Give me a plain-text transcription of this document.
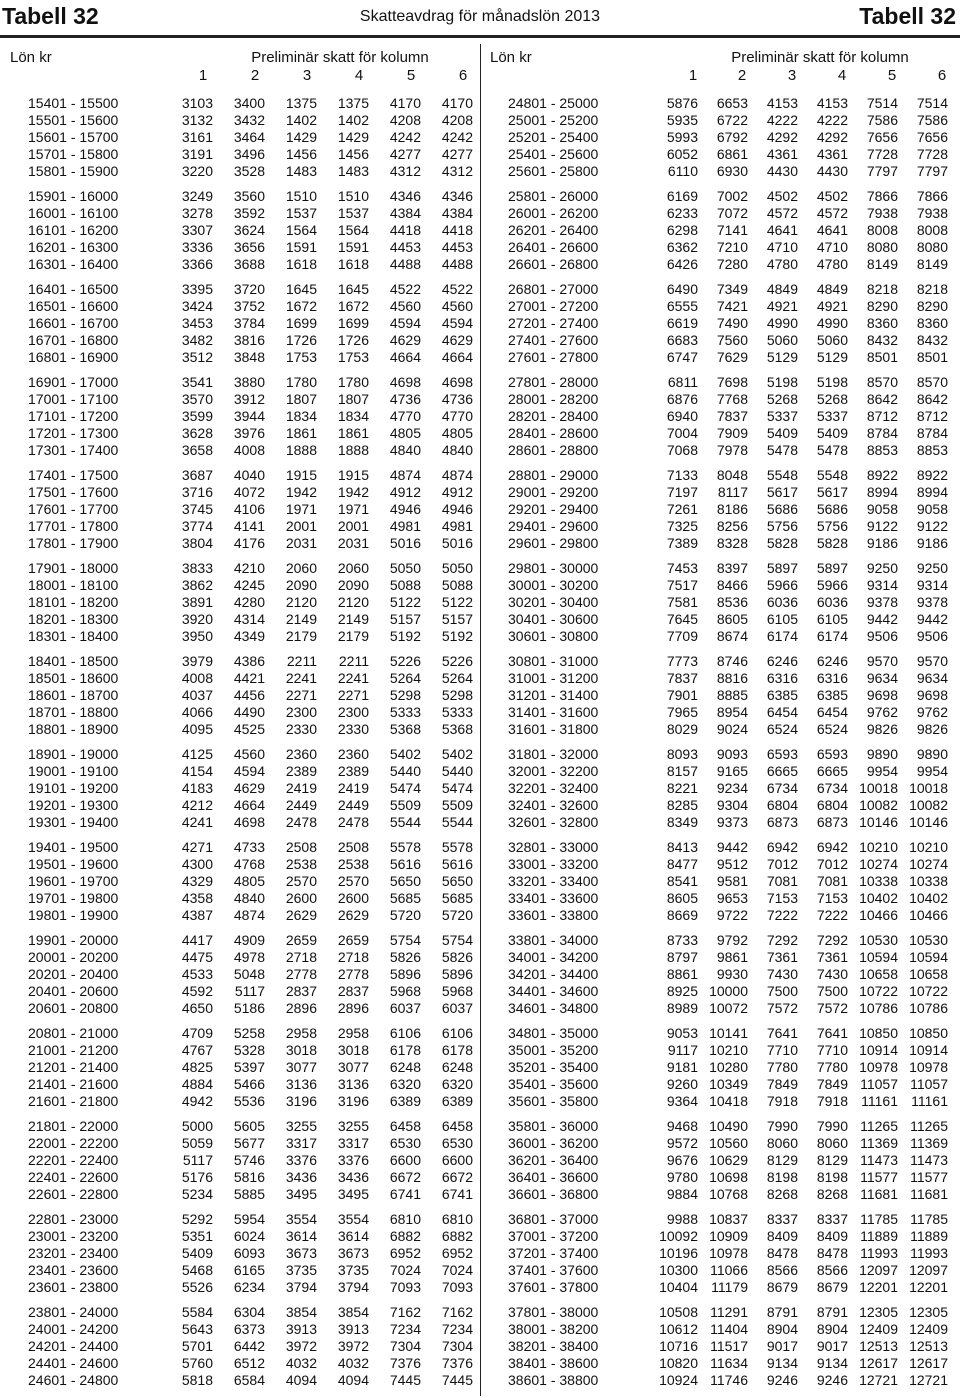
Tabell 32	Skatteavdrag för månadslön 2013	Tabell 32
Lön kr	Preliminär skatt för kolumn
1	2	3	4	5	6
15401 - 15500	3103	3400	1375	1375	4170	4170
15501 - 15600	3132	3432	1402	1402	4208	4208
15601 - 15700	3161	3464	1429	1429	4242	4242
15701 - 15800	3191	3496	1456	1456	4277	4277
15801 - 15900	3220	3528	1483	1483	4312	4312
15901 - 16000	3249	3560	1510	1510	4346	4346
16001 - 16100	3278	3592	1537	1537	4384	4384
16101 - 16200	3307	3624	1564	1564	4418	4418
16201 - 16300	3336	3656	1591	1591	4453	4453
16301 - 16400	3366	3688	1618	1618	4488	4488
16401 - 16500	3395	3720	1645	1645	4522	4522
16501 - 16600	3424	3752	1672	1672	4560	4560
16601 - 16700	3453	3784	1699	1699	4594	4594
16701 - 16800	3482	3816	1726	1726	4629	4629
16801 - 16900	3512	3848	1753	1753	4664	4664
16901 - 17000	3541	3880	1780	1780	4698	4698
17001 - 17100	3570	3912	1807	1807	4736	4736
17101 - 17200	3599	3944	1834	1834	4770	4770
17201 - 17300	3628	3976	1861	1861	4805	4805
17301 - 17400	3658	4008	1888	1888	4840	4840
17401 - 17500	3687	4040	1915	1915	4874	4874
17501 - 17600	3716	4072	1942	1942	4912	4912
17601 - 17700	3745	4106	1971	1971	4946	4946
17701 - 17800	3774	4141	2001	2001	4981	4981
17801 - 17900	3804	4176	2031	2031	5016	5016
17901 - 18000	3833	4210	2060	2060	5050	5050
18001 - 18100	3862	4245	2090	2090	5088	5088
18101 - 18200	3891	4280	2120	2120	5122	5122
18201 - 18300	3920	4314	2149	2149	5157	5157
18301 - 18400	3950	4349	2179	2179	5192	5192
18401 - 18500	3979	4386	2211	2211	5226	5226
18501 - 18600	4008	4421	2241	2241	5264	5264
18601 - 18700	4037	4456	2271	2271	5298	5298
18701 - 18800	4066	4490	2300	2300	5333	5333
18801 - 18900	4095	4525	2330	2330	5368	5368
18901 - 19000	4125	4560	2360	2360	5402	5402
19001 - 19100	4154	4594	2389	2389	5440	5440
19101 - 19200	4183	4629	2419	2419	5474	5474
19201 - 19300	4212	4664	2449	2449	5509	5509
19301 - 19400	4241	4698	2478	2478	5544	5544
19401 - 19500	4271	4733	2508	2508	5578	5578
19501 - 19600	4300	4768	2538	2538	5616	5616
19601 - 19700	4329	4805	2570	2570	5650	5650
19701 - 19800	4358	4840	2600	2600	5685	5685
19801 - 19900	4387	4874	2629	2629	5720	5720
19901 - 20000	4417	4909	2659	2659	5754	5754
20001 - 20200	4475	4978	2718	2718	5826	5826
20201 - 20400	4533	5048	2778	2778	5896	5896
20401 - 20600	4592	5117	2837	2837	5968	5968
20601 - 20800	4650	5186	2896	2896	6037	6037
20801 - 21000	4709	5258	2958	2958	6106	6106
21001 - 21200	4767	5328	3018	3018	6178	6178
21201 - 21400	4825	5397	3077	3077	6248	6248
21401 - 21600	4884	5466	3136	3136	6320	6320
21601 - 21800	4942	5536	3196	3196	6389	6389
21801 - 22000	5000	5605	3255	3255	6458	6458
22001 - 22200	5059	5677	3317	3317	6530	6530
22201 - 22400	5117	5746	3376	3376	6600	6600
22401 - 22600	5176	5816	3436	3436	6672	6672
22601 - 22800	5234	5885	3495	3495	6741	6741
22801 - 23000	5292	5954	3554	3554	6810	6810
23001 - 23200	5351	6024	3614	3614	6882	6882
23201 - 23400	5409	6093	3673	3673	6952	6952
23401 - 23600	5468	6165	3735	3735	7024	7024
23601 - 23800	5526	6234	3794	3794	7093	7093
23801 - 24000	5584	6304	3854	3854	7162	7162
24001 - 24200	5643	6373	3913	3913	7234	7234
24201 - 24400	5701	6442	3972	3972	7304	7304
24401 - 24600	5760	6512	4032	4032	7376	7376
24601 - 24800	5818	6584	4094	4094	7445	7445
Lön kr	Preliminär skatt för kolumn
1	2	3	4	5	6
24801 - 25000	5876	6653	4153	4153	7514	7514
25001 - 25200	5935	6722	4222	4222	7586	7586
25201 - 25400	5993	6792	4292	4292	7656	7656
25401 - 25600	6052	6861	4361	4361	7728	7728
25601 - 25800	6110	6930	4430	4430	7797	7797
25801 - 26000	6169	7002	4502	4502	7866	7866
26001 - 26200	6233	7072	4572	4572	7938	7938
26201 - 26400	6298	7141	4641	4641	8008	8008
26401 - 26600	6362	7210	4710	4710	8080	8080
26601 - 26800	6426	7280	4780	4780	8149	8149
26801 - 27000	6490	7349	4849	4849	8218	8218
27001 - 27200	6555	7421	4921	4921	8290	8290
27201 - 27400	6619	7490	4990	4990	8360	8360
27401 - 27600	6683	7560	5060	5060	8432	8432
27601 - 27800	6747	7629	5129	5129	8501	8501
27801 - 28000	6811	7698	5198	5198	8570	8570
28001 - 28200	6876	7768	5268	5268	8642	8642
28201 - 28400	6940	7837	5337	5337	8712	8712
28401 - 28600	7004	7909	5409	5409	8784	8784
28601 - 28800	7068	7978	5478	5478	8853	8853
28801 - 29000	7133	8048	5548	5548	8922	8922
29001 - 29200	7197	8117	5617	5617	8994	8994
29201 - 29400	7261	8186	5686	5686	9058	9058
29401 - 29600	7325	8256	5756	5756	9122	9122
29601 - 29800	7389	8328	5828	5828	9186	9186
29801 - 30000	7453	8397	5897	5897	9250	9250
30001 - 30200	7517	8466	5966	5966	9314	9314
30201 - 30400	7581	8536	6036	6036	9378	9378
30401 - 30600	7645	8605	6105	6105	9442	9442
30601 - 30800	7709	8674	6174	6174	9506	9506
30801 - 31000	7773	8746	6246	6246	9570	9570
31001 - 31200	7837	8816	6316	6316	9634	9634
31201 - 31400	7901	8885	6385	6385	9698	9698
31401 - 31600	7965	8954	6454	6454	9762	9762
31601 - 31800	8029	9024	6524	6524	9826	9826
31801 - 32000	8093	9093	6593	6593	9890	9890
32001 - 32200	8157	9165	6665	6665	9954	9954
32201 - 32400	8221	9234	6734	6734 10018 10018
32401 - 32600	8285	9304	6804	6804 10082 10082
32601 - 32800	8349	9373	6873	6873 10146 10146
32801 - 33000	8413	9442	6942	6942 10210 10210
33001 - 33200	8477	9512	7012	7012 10274 10274
33201 - 33400	8541	9581	7081	7081 10338 10338
33401 - 33600	8605	9653	7153	7153 10402 10402
33601 - 33800	8669	9722	7222	7222 10466 10466
33801 - 34000	8733	9792	7292	7292 10530 10530
34001 - 34200	8797	9861	7361	7361 10594 10594
34201 - 34400	8861	9930	7430	7430 10658 10658
34401 - 34600	8925 10000	7500	7500 10722 10722
34601 - 34800	8989 10072	7572	7572 10786 10786
34801 - 35000	9053 10141	7641	7641 10850 10850
35001 - 35200	9117 10210	7710	7710 10914 10914
35201 - 35400	9181 10280	7780	7780 10978 10978
35401 - 35600	9260 10349	7849	7849 11057 11057
35601 - 35800	9364 10418	7918	7918 11161 11161
35801 - 36000	9468 10490	7990	7990 11265 11265
36001 - 36200	9572 10560	8060	8060 11369 11369
36201 - 36400	9676 10629	8129	8129 11473 11473
36401 - 36600	9780 10698	8198	8198 11577 11577
36601 - 36800	9884 10768	8268	8268 11681 11681
36801 - 37000	9988 10837	8337	8337 11785 11785
37001 - 37200	10092 10909	8409	8409 11889 11889
37201 - 37400	10196 10978	8478	8478 11993 11993
37401 - 37600	10300 11066	8566	8566 12097 12097
37601 - 37800	10404 11179	8679	8679 12201 12201
37801 - 38000	10508 11291	8791	8791 12305 12305
38001 - 38200	10612 11404	8904	8904 12409 12409
38201 - 38400	10716 11517	9017	9017 12513 12513
38401 - 38600	10820 11634	9134	9134 12617 12617
38601 - 38800	10924 11746	9246	9246 12721 12721
